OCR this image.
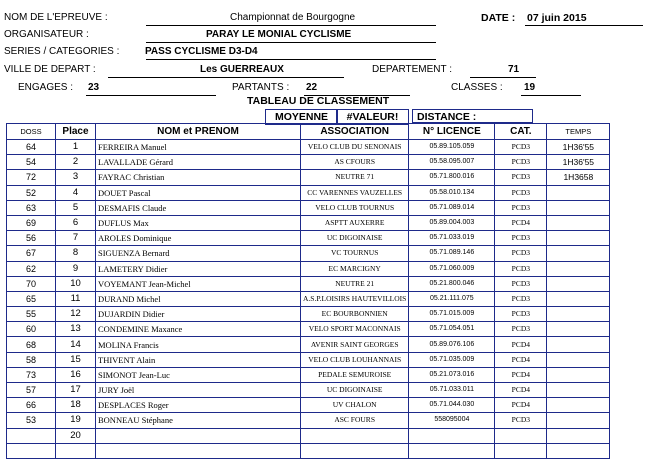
NOM DE L'EPREUVE :	Championnat de Bourgogne	DATE : 07 juin 2015
ORGANISATEUR :	PARAY LE MONIAL CYCLISME
SERIES / CATEGORIES :	PASS CYCLISME D3-D4
VILLE DE DEPART :	Les GUERREAUX	DEPARTEMENT :	71
ENGAGES : 23	PARTANTS : 22	CLASSES : 19
TABLEAU DE CLASSEMENT
MOYENNE	#VALEUR!	DISTANCE :
DOSS	Place	NOM et PRENOM	ASSOCIATION	N° LICENCE	CAT.	TEMPS
64	1	FERREIRA Manuel	VELO CLUB DU SENONAIS	05.89.105.059	PCD3	1H36'55
54	2	LAVALLADE Gérard	AS CFOURS	05.58.095.007	PCD3	1H36'55
72	3	FAYRAC Christian	NEUTRE 71	05.71.800.016	PCD3	1H3658
52	4	DOUET Pascal	CC VARENNES VAUZELLES	05.58.010.134	PCD3	
63	5	DESMAFIS Claude	VELO CLUB TOURNUS	05.71.089.014	PCD3	
69	6	DUFLUS Max	ASPTT AUXERRE	05.89.004.003	PCD4	
56	7	AROLES Dominique	UC DIGOINAISE	05.71.033.019	PCD3	
67	8	SIGUENZA Bernard	VC TOURNUS	05.71.089.146	PCD3	
62	9	LAMETERY Didier	EC MARCIGNY	05.71.060.009	PCD3	
70	10	VOYEMANT Jean-Michel	NEUTRE 21	05.21.800.046	PCD3	
65	11	DURAND Michel	A.S.P.LOISIRS HAUTEVILLOIS	05.21.111.075	PCD3	
55	12	DUJARDIN Didier	EC BOURBONNIEN	05.71.015.009	PCD3	
60	13	CONDEMINE Maxance	VELO SPORT MACONNAIS	05.71.054.051	PCD3	
68	14	MOLINA Francis	AVENIR SAINT GEORGES	05.89.076.106	PCD4	
58	15	THIVENT Alain	VELO CLUB LOUHANNAIS	05.71.035.009	PCD4	
73	16	SIMONOT Jean-Luc	PEDALE SEMUROISE	05.21.073.016	PCD4	
57	17	JURY Joël	UC DIGOINAISE	05.71.033.011	PCD4	
66	18	DESPLACES Roger	UV CHALON	05.71.044.030	PCD4	
53	19	BONNEAU Stéphane	ASC FOURS	558095004	PCD3	
	20					
